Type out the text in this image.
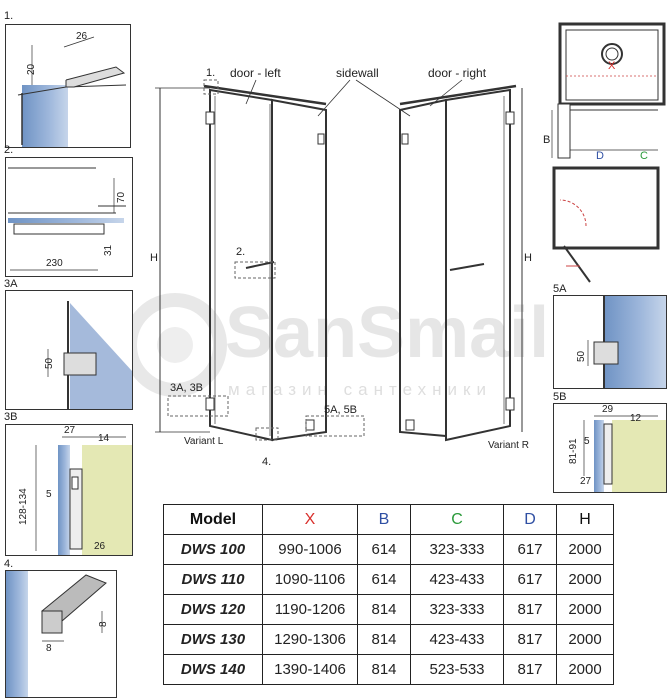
SanSmail
магазин сантехники
1.
20
26
2.
70
230
31
3A
50
3B
27
14
128-134 5
26
4.
8
8
1. door - left	sidewall	door - right
H	H
2.
3A, 3B
5A, 5B
Variant L
4.
Variant R
X
B
D	C
5A
50
5B
29
12
81-91 5
27
Model	X	B	C	D	H
DWS 100	990-1006	614	323-333	617	2000
DWS 110	1090-1106	614	423-433	617	2000
DWS 120	1190-1206	814	323-333	817	2000
DWS 130	1290-1306	814	423-433	817	2000
DWS 140	1390-1406	814	523-533	817	2000
